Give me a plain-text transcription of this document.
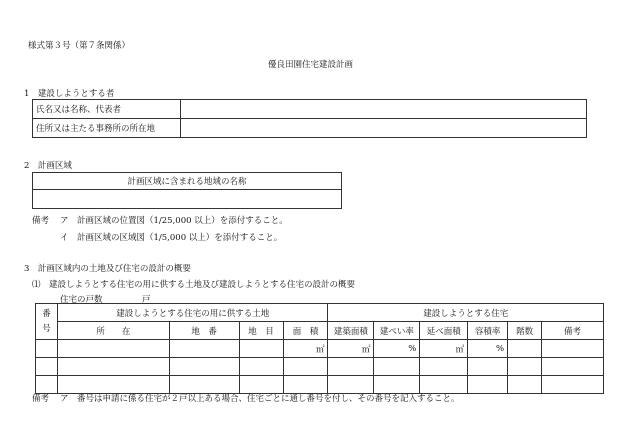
様式第３号（第７条関係）
優良田園住宅建設計画
1　建設しようとする者
氏名又は名称、代表者	
住所又は主たる事務所の所在地	
2　計画区域
計画区域に含まれる地域の名称

備考 ア　計画区域の位置図（1/25,000 以上）を添付すること。
イ　計画区域の区域図（1/5,000 以上）を添付すること。
3　計画区域内の土地及び住宅の設計の概要
⑴　建設しようとする住宅の用に供する土地及び建設しようとする住宅の設計の概要
住宅の戸数	戸
番号	建設しようとする住宅の用に供する土地				建設しようとする住宅					
	所　　在	地　番	地　目	面　積	建築面積	建ぺい率	延べ面積	容積率	階数	備考
				㎡	㎡	%	㎡	%		

備考 ア　番号は申請に係る住宅が２戸以上ある場合、住宅ごとに通し番号を付し、その番号を記入すること。
